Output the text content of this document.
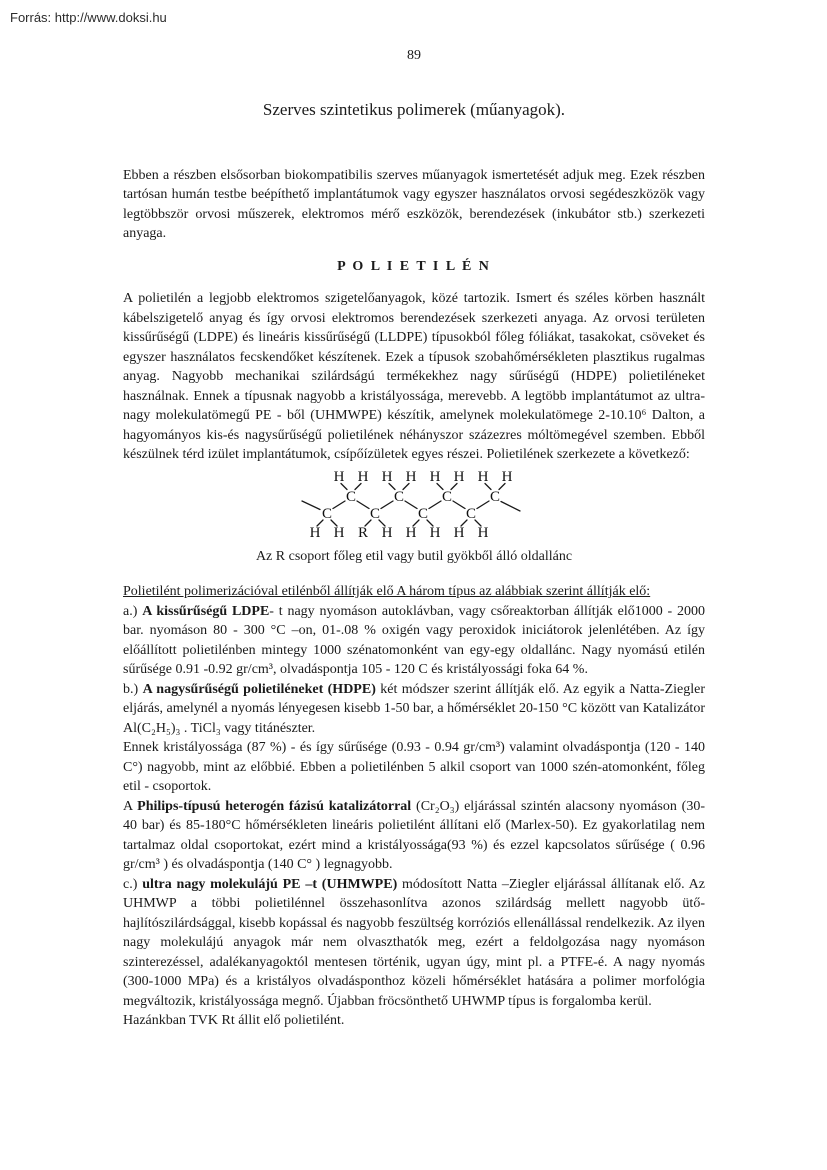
Forrás: http://www.doksi.hu
89
Szerves szintetikus polimerek (műanyagok).

Ebben a részben elsősorban biokompatibilis szerves műanyagok ismertetését adjuk meg. Ezek részben tartósan humán testbe beépíthető implantátumok vagy egyszer használatos orvosi segédeszközök vagy legtöbbször orvosi műszerek, elektromos mérő eszközök, berendezések (inkubátor stb.) szerkezeti anyaga.

P O L I E T I L É N

A polietilén a legjobb elektromos szigetelőanyagok, közé tartozik. Ismert és széles körben használt kábelszigetelő anyag és így orvosi elektromos berendezések szerkezeti anyaga. Az orvosi területen kissűrűségű (LDPE) és lineáris kissűrűségű (LLDPE) típusokból főleg fóliákat, tasakokat, csöveket és egyszer használatos fecskendőket készítenek. Ezek a típusok szobahőmérsékleten plasztikus rugalmas anyag. Nagyobb mechanikai szilárdságú termékekhez nagy sűrűségű (HDPE) polietiléneket használnak. Ennek a típusnak nagyobb a kristályossága, merevebb. A legtöbb implantátumot az ultra-nagy molekulatömegű PE - ből (UHMWPE) készítik, amelynek molekulatömege 2-10.10⁶ Dalton, a hagyományos kis-és nagysűrűségű polietilének néhányszor százezres móltömegével szemben. Ebből készülnek térd izület implantátumok, csípőízületek egyes részei. Polietilének szerkezete a következő:

H H H H H H H H
C
C
C
C
C
C
C
C
H H R H H H H H

Az R csoport főleg etil vagy butil gyökből álló oldallánc

Polietilént polimerizációval etilénből állítják elő A három típus az alábbiak szerint állítják elő:

a.) A kissűrűségű LDPE- t nagy nyomáson autoklávban, vagy csőreaktorban állítják elő1000 - 2000 bar. nyomáson 80 - 300 °C –on, 01-.08 % oxigén vagy peroxidok iniciátorok jelenlétében. Az így előállított polietilénben mintegy 1000 szénatomonként van egy-egy oldallánc. Nagy nyomású etilén sűrűsége 0.91 -0.92 gr/cm³, olvadáspontja 105 - 120 C és kristályossági foka 64 %.

b.) A nagysűrűségű polietiléneket (HDPE) két módszer szerint állítják elő. Az egyik a Natta-Ziegler eljárás, amelynél a nyomás lényegesen kisebb 1-50 bar, a hőmérséklet 20-150 °C között van Katalizátor Al(C₂H₅)₃ . TiCl₃ vagy titánészter.

Ennek kristályossága (87 %) - és így sűrűsége (0.93 - 0.94 gr/cm³) valamint olvadáspontja (120 - 140 C°) nagyobb, mint az előbbié. Ebben a polietilénben 5 alkil csoport van 1000 szén-atomonként, főleg etil - csoportok.

A Philips-típusú heterogén fázisú katalizátorral (Cr₂O₃) eljárással szintén alacsony nyomáson (30-40 bar) és 85-180°C hőmérsékleten lineáris polietilént állítani elő (Marlex-50). Ez gyakorlatilag nem tartalmaz oldal csoportokat, ezért mind a kristályossága(93 %) és ezzel kapcsolatos sűrűsége ( 0.96 gr/cm³ ) és olvadáspontja (140 C° ) legnagyobb.

c.) ultra nagy molekulájú PE –t (UHMWPE) módosított Natta –Ziegler eljárással állítanak elő. Az UHMWP a többi polietilénnel összehasonlítva azonos szilárdság mellett nagyobb ütő-hajlítószilárdsággal, kisebb kopással és nagyobb feszültség korróziós ellenállással rendelkezik. Az ilyen nagy molekulájú anyagok már nem olvaszthatók meg, ezért a feldolgozása nagy nyomáson szinterezéssel, adalékanyagoktól mentesen történik, ugyan úgy, mint pl. a PTFE-é. A nagy nyomás (300-1000 MPa) és a kristályos olvadásponthoz közeli hőmérséklet hatására a polimer morfológia megváltozik, kristályossága megnő. Újabban fröcsönthető UHWMP típus is forgalomba kerül.

Hazánkban TVK Rt állit elő polietilént.
